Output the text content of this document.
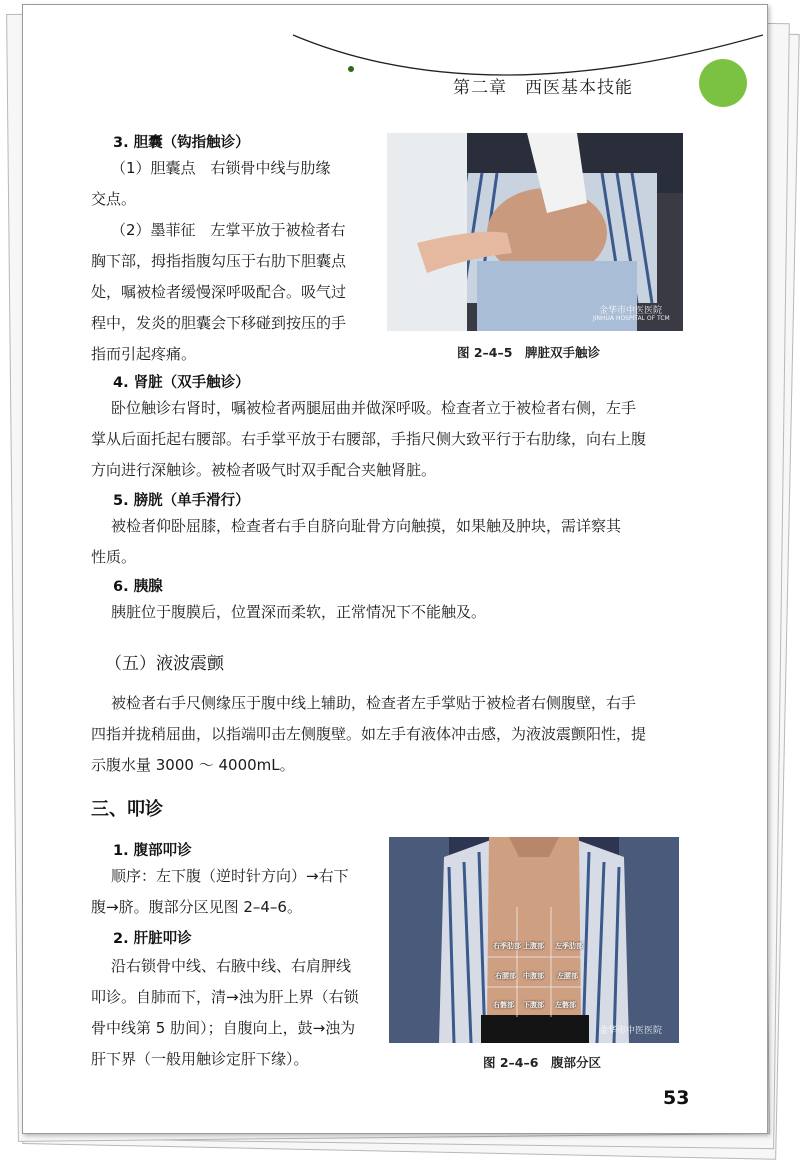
第二章　西医基本技能
金华市中医医院
JINHUA HOSPITAL OF TCM
图 2–4–5　脾脏双手触诊
3. 胆囊（钩指触诊）
（1）胆囊点　右锁骨中线与肋缘
交点。
（2）墨菲征　左掌平放于被检者右
胸下部，拇指指腹勾压于右肋下胆囊点
处，嘱被检者缓慢深呼吸配合。吸气过
程中，发炎的胆囊会下移碰到按压的手
指而引起疼痛。
4. 肾脏（双手触诊）
卧位触诊右肾时，嘱被检者两腿屈曲并做深呼吸。检查者立于被检者右侧，左手
掌从后面托起右腰部。右手掌平放于右腰部，手指尺侧大致平行于右肋缘，向右上腹
方向进行深触诊。被检者吸气时双手配合夹触肾脏。
5. 膀胱（单手滑行）
被检者仰卧屈膝，检查者右手自脐向耻骨方向触摸，如果触及肿块，需详察其
性质。
6. 胰腺
胰脏位于腹膜后，位置深而柔软，正常情况下不能触及。
（五）液波震颤
被检者右手尺侧缘压于腹中线上辅助，检查者左手掌贴于被检者右侧腹壁，右手
四指并拢稍屈曲，以指端叩击左侧腹壁。如左手有液体冲击感，为液波震颤阳性，提
示腹水量 3000 ～ 4000mL。
三、叩诊
1. 腹部叩诊
顺序：左下腹（逆时针方向）→右下
腹→脐。腹部分区见图 2–4–6。
2. 肝脏叩诊
沿右锁骨中线、右腋中线、右肩胛线
叩诊。自肺而下，清→浊为肝上界（右锁
骨中线第 5 肋间）；自腹向上，鼓→浊为
肝下界（一般用触诊定肝下缘）。
右季肋部 上腹部 左季肋部
右腰部 中腹部 左腰部
右髂部 下腹部 左髂部
金华市中医医院
图 2–4–6　腹部分区
53
